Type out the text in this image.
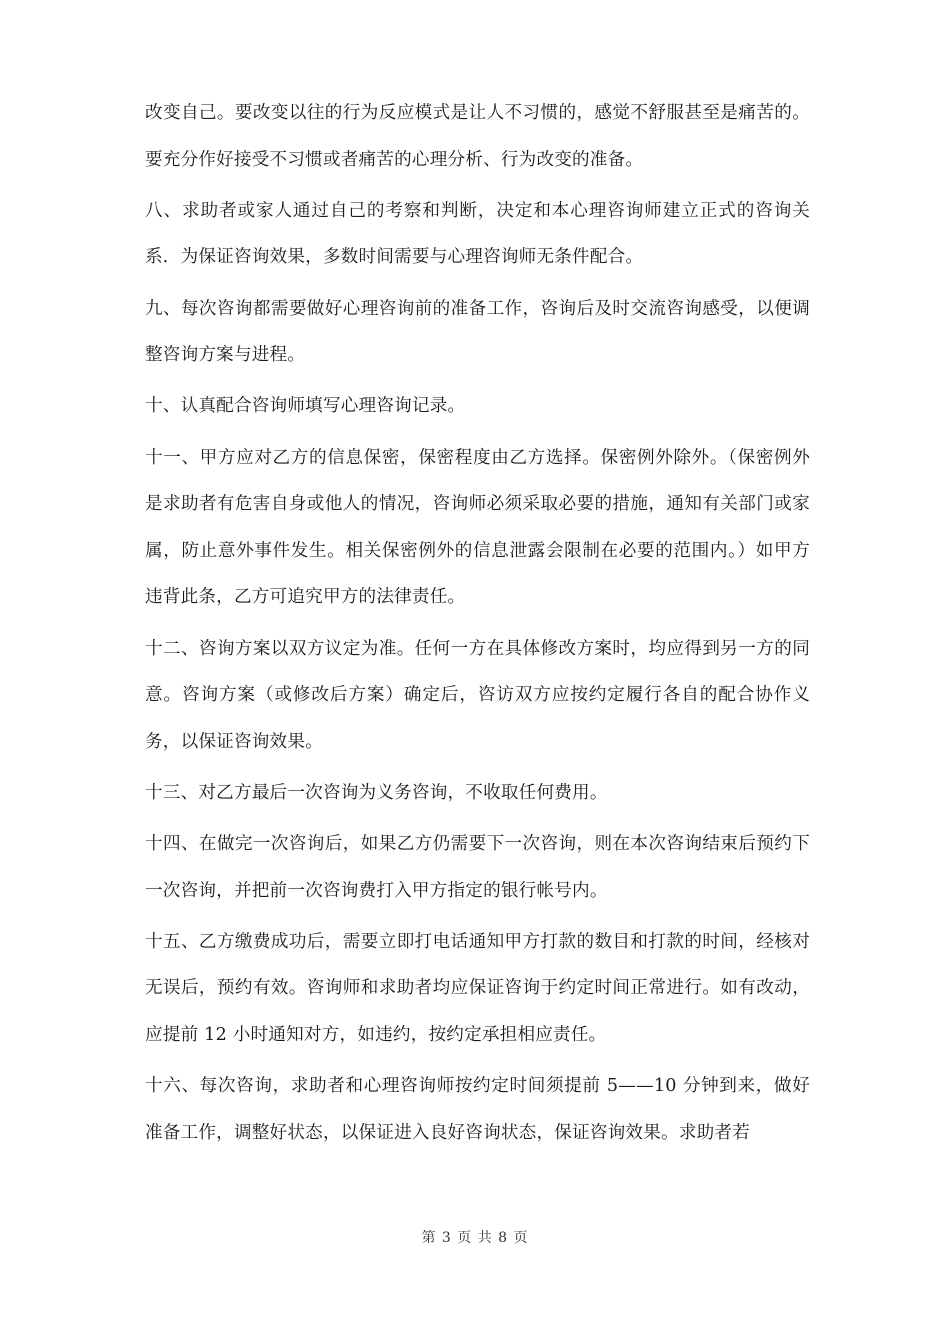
改变自己。要改变以往的行为反应模式是让人不习惯的，感觉不舒服甚至是痛苦的。要充分作好接受不习惯或者痛苦的心理分析、行为改变的准备。

八、求助者或家人通过自己的考察和判断，决定和本心理咨询师建立正式的咨询关系．为保证咨询效果，多数时间需要与心理咨询师无条件配合。

九、每次咨询都需要做好心理咨询前的准备工作，咨询后及时交流咨询感受，以便调整咨询方案与进程。

十、认真配合咨询师填写心理咨询记录。

十一、甲方应对乙方的信息保密，保密程度由乙方选择。保密例外除外。（保密例外是求助者有危害自身或他人的情况，咨询师必须采取必要的措施，通知有关部门或家属，防止意外事件发生。相关保密例外的信息泄露会限制在必要的范围内。）如甲方违背此条，乙方可追究甲方的法律责任。

十二、咨询方案以双方议定为准。任何一方在具体修改方案时，均应得到另一方的同意。咨询方案（或修改后方案）确定后，咨访双方应按约定履行各自的配合协作义务，以保证咨询效果。

十三、对乙方最后一次咨询为义务咨询，不收取任何费用。

十四、在做完一次咨询后，如果乙方仍需要下一次咨询，则在本次咨询结束后预约下一次咨询，并把前一次咨询费打入甲方指定的银行帐号内。

十五、乙方缴费成功后，需要立即打电话通知甲方打款的数目和打款的时间，经核对无误后，预约有效。咨询师和求助者均应保证咨询于约定时间正常进行。如有改动，应提前 12 小时通知对方，如违约，按约定承担相应责任。

十六、每次咨询，求助者和心理咨询师按约定时间须提前 5——10 分钟到来，做好准备工作，调整好状态，以保证进入良好咨询状态，保证咨询效果。求助者若

第 3 页 共 8 页
